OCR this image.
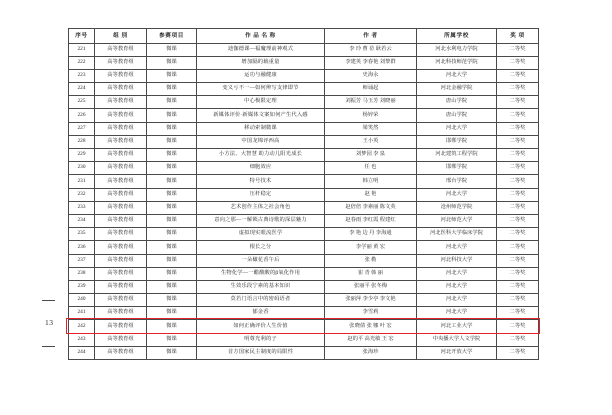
13
序号	组 别	参赛项目	作 品 名 称	作 者	所属学校	奖 项
221	高等教育组	微课	迪伽德课—福魔理前神观式	李 玲 曹 莅 耿若云	河北水利电力学院	二等奖
222	高等教育组	微课	增加隔的载重量	李建英 李春艳 刘黎群	河北科技师范学院	二等奖
223	高等教育组	微课	运功与融健康	史海永	河北大学	二等奖
224	高等教育组	微课	变义亏不一—如何辨写支律即节	师诵起	河北金融学院	二等奖
225	高等教育组	微课	中心极限定理	刘振芳 马玉芳 刘晓丽	唐山学院	二等奖
226	高等教育组	微课	新媒体评价·新媒体文案如何产生代入感	杨锌荣	唐山学院	二等奖
227	高等教育组	微课	移动索制微课	梁笑然	河北大学	二等奖
228	高等教育组	微课	中国龙锦评西高	王小英	邯郸学院	二等奖
229	高等教育组	微课	小方法、大智慧 助力动儿阳光成长	刘梦园 李 泉	河北建筑工程学院	二等奖
230	高等教育组	微课	细胞效应	任 也	邯郸学院	二等奖
231	高等教育组	微课	特号技术	韩立明	邢台学院	二等奖
232	高等教育组	微课	压杆稳定	赵 艳	河北大学	二等奖
233	高等教育组	微课	艺术创作主体之社会角色	赵倍倍 李素丽 陈文英	沧州师范学院	二等奖
234	高等教育组	微课	意向之那—一解锁古典诗歌的深层魅力	赵春雨 李红霞 程建红	河北师范大学	二等奖
235	高等教育组	微课	虚拟现实眼流医学	李 艳 边 丹 李海通	河北医科大学临床学院	二等奖
236	高等教育组	微课	根长之分	李学丽 黄 宏	河北大学	二等奖
237	高等教育组	微课	一朵橄花香午后	张 勒	河北科技大学	二等奖
238	高等教育组	微课	生物化学—一醋酸酸的β氧化作用	崔 青 韩 丽	河北大学	二等奖
239	高等教育组	微课	生效乐段宁素的基本知识	张丽平 张冬梅	河北大学	二等奖
240	高等教育组	微课	莫若门语言中的密码语者	张丽萍 李少亭 李文艳	河北大学	二等奖
241	高等教育组	微课	郁金香	李雪莉	河北大学	二等奖
242	高等教育组	微课	如何正确评价人生价值	张晓倩 张 娜 叶 宏	河北工业大学	二等奖
243	高等教育组	微课	明尊光利的子	赵的平 高光敏 王 宏	中央播大学人文学院	二等奖
244	高等教育组	微课	首方国家民主制度的局限性	张海珍	河北开放大学	二等奖
